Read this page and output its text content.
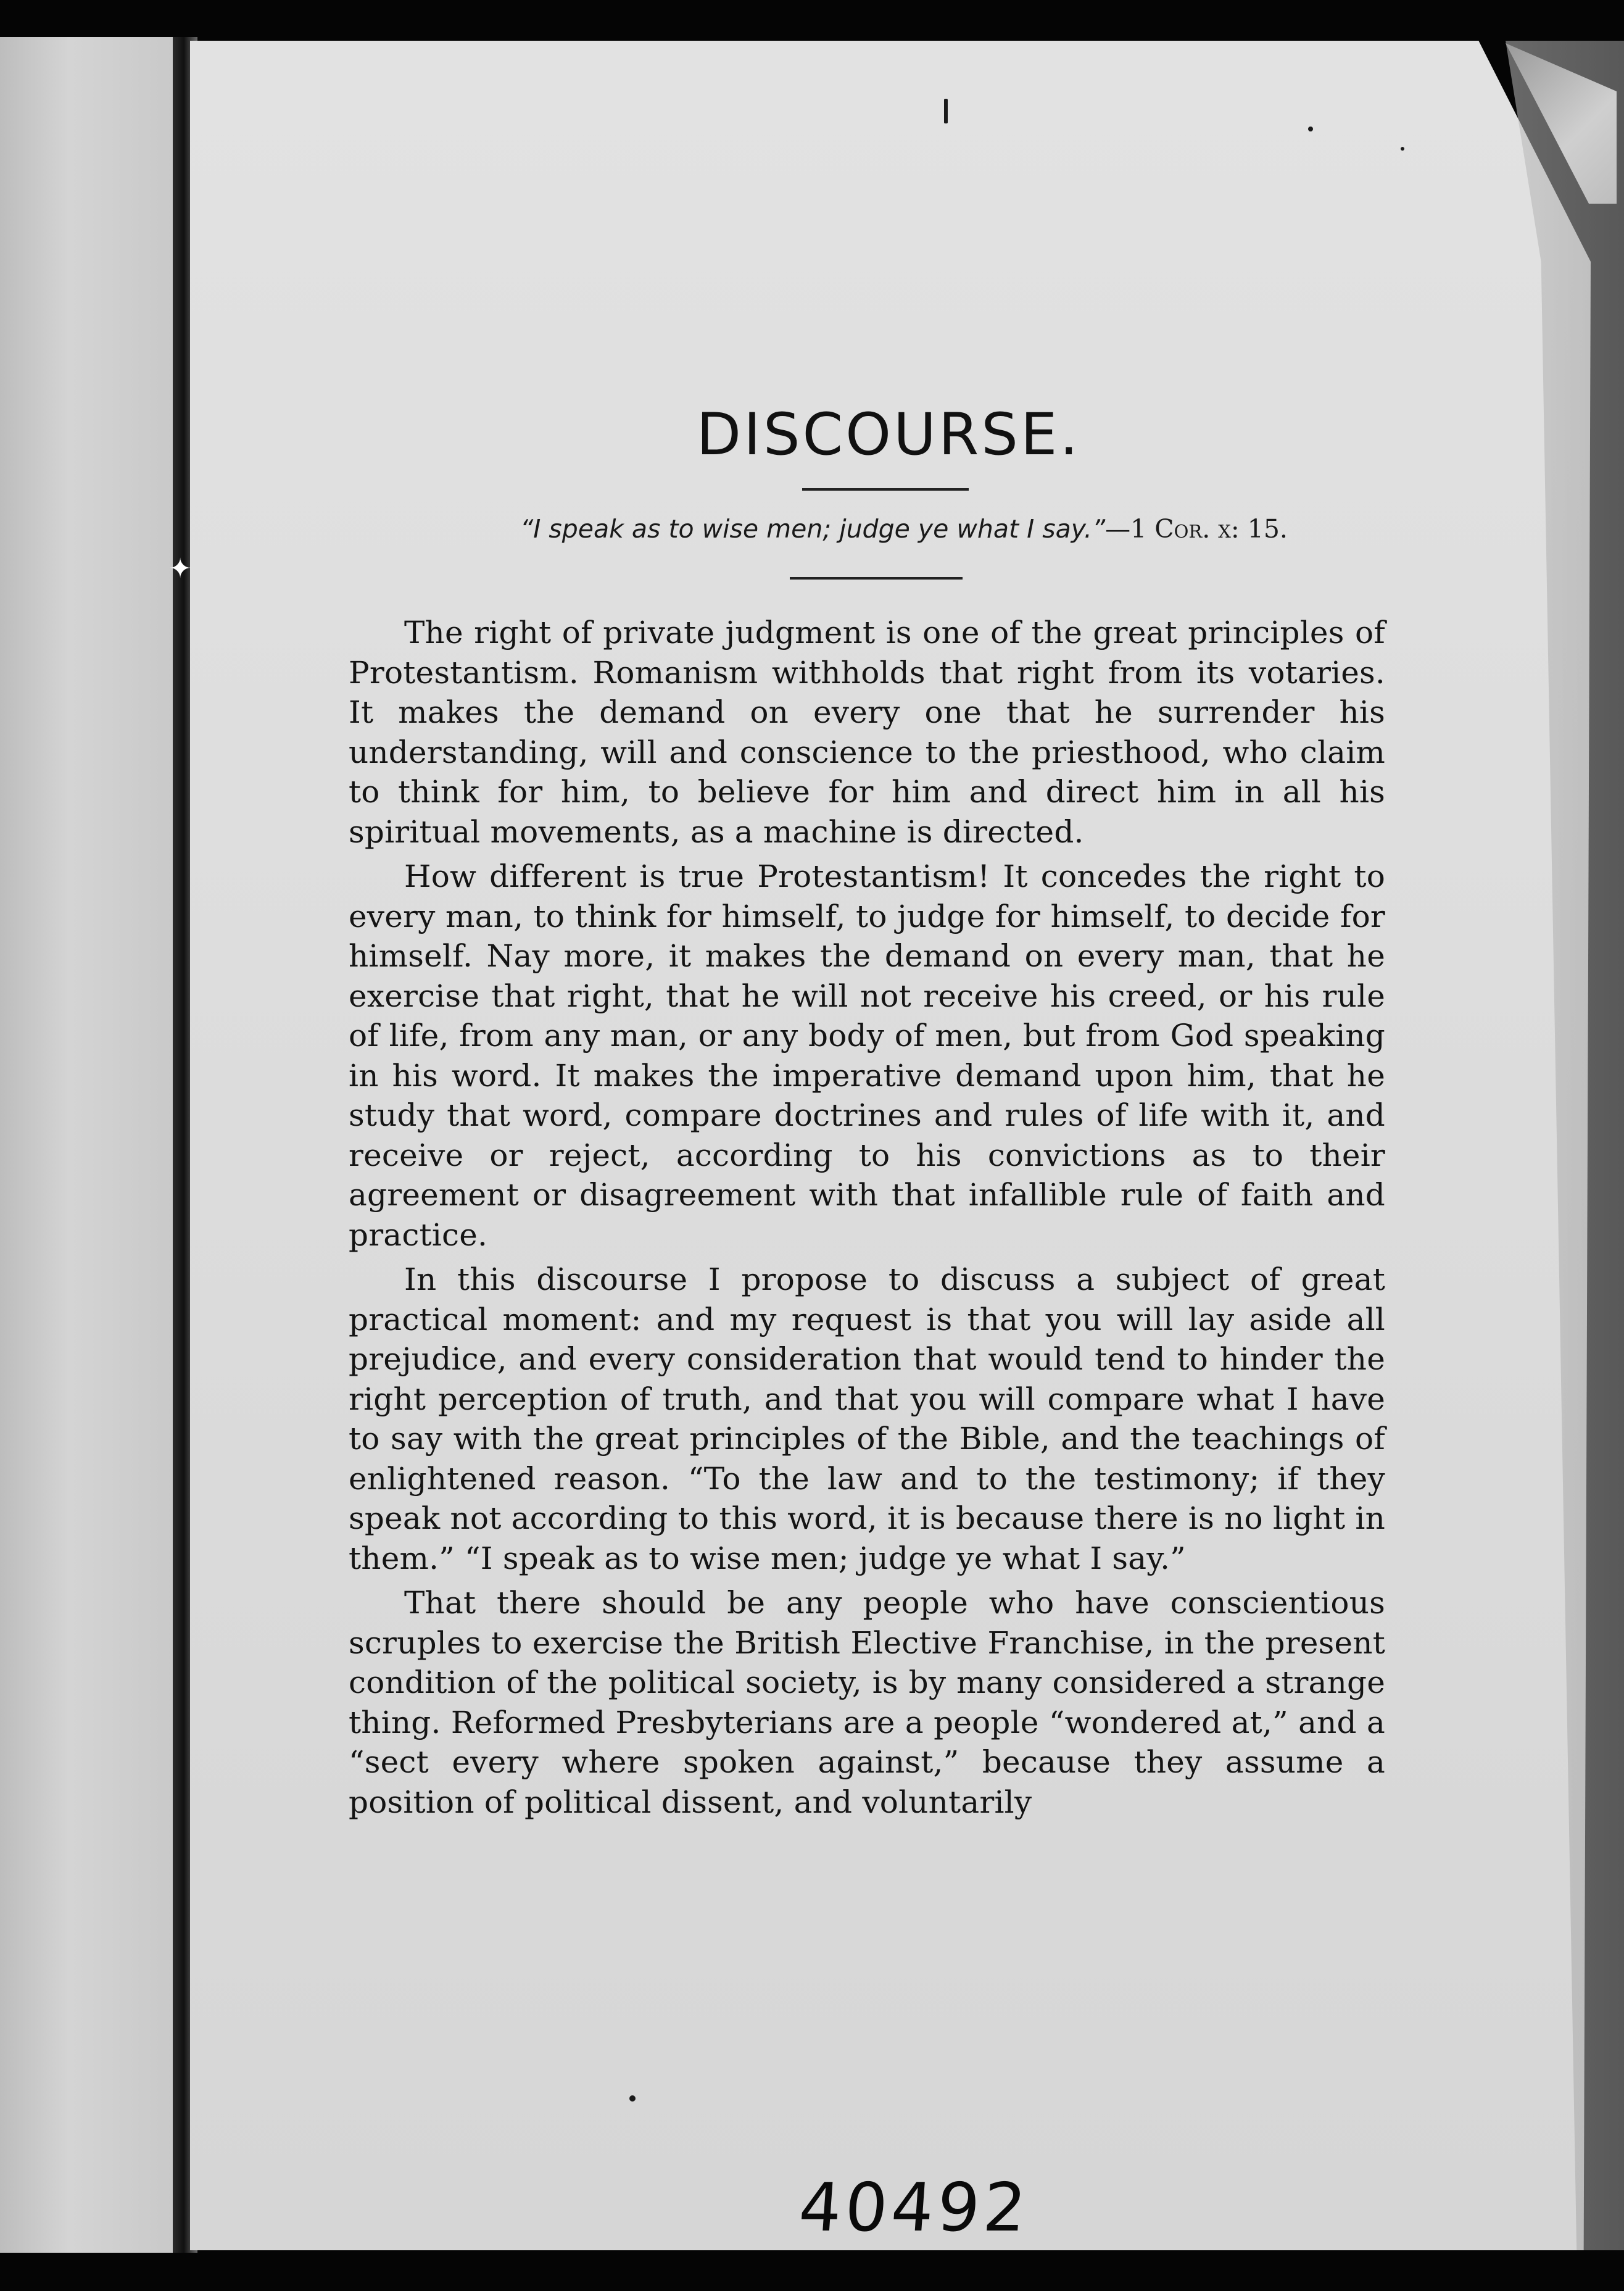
✦
DISCOURSE.
“I speak as to wise men; judge ye what I say.”—1 Cor. x: 15.

The right of private judgment is one of the great principles of Protestantism. Romanism withholds that right from its votaries. It makes the demand on every one that he surrender his understanding, will and conscience to the priesthood, who claim to think for him, to believe for him and direct him in all his spiritual movements, as a machine is directed.

How different is true Protestantism! It concedes the right to every man, to think for himself, to judge for himself, to decide for himself. Nay more, it makes the demand on every man, that he exercise that right, that he will not receive his creed, or his rule of life, from any man, or any body of men, but from God speaking in his word. It makes the imperative demand upon him, that he study that word, compare doctrines and rules of life with it, and receive or reject, according to his convictions as to their agreement or disagreement with that infallible rule of faith and practice.

In this discourse I propose to discuss a subject of great practical moment: and my request is that you will lay aside all prejudice, and every consideration that would tend to hinder the right perception of truth, and that you will compare what I have to say with the great principles of the Bible, and the teachings of enlightened reason. “To the law and to the testimony; if they speak not according to this word, it is because there is no light in them.” “I speak as to wise men; judge ye what I say.”

That there should be any people who have conscientious scruples to exercise the British Elective Franchise, in the present condition of the political society, is by many considered a strange thing. Reformed Presbyterians are a people “wondered at,” and a “sect every where spoken against,” because they assume a position of political dissent, and voluntarily

40492
